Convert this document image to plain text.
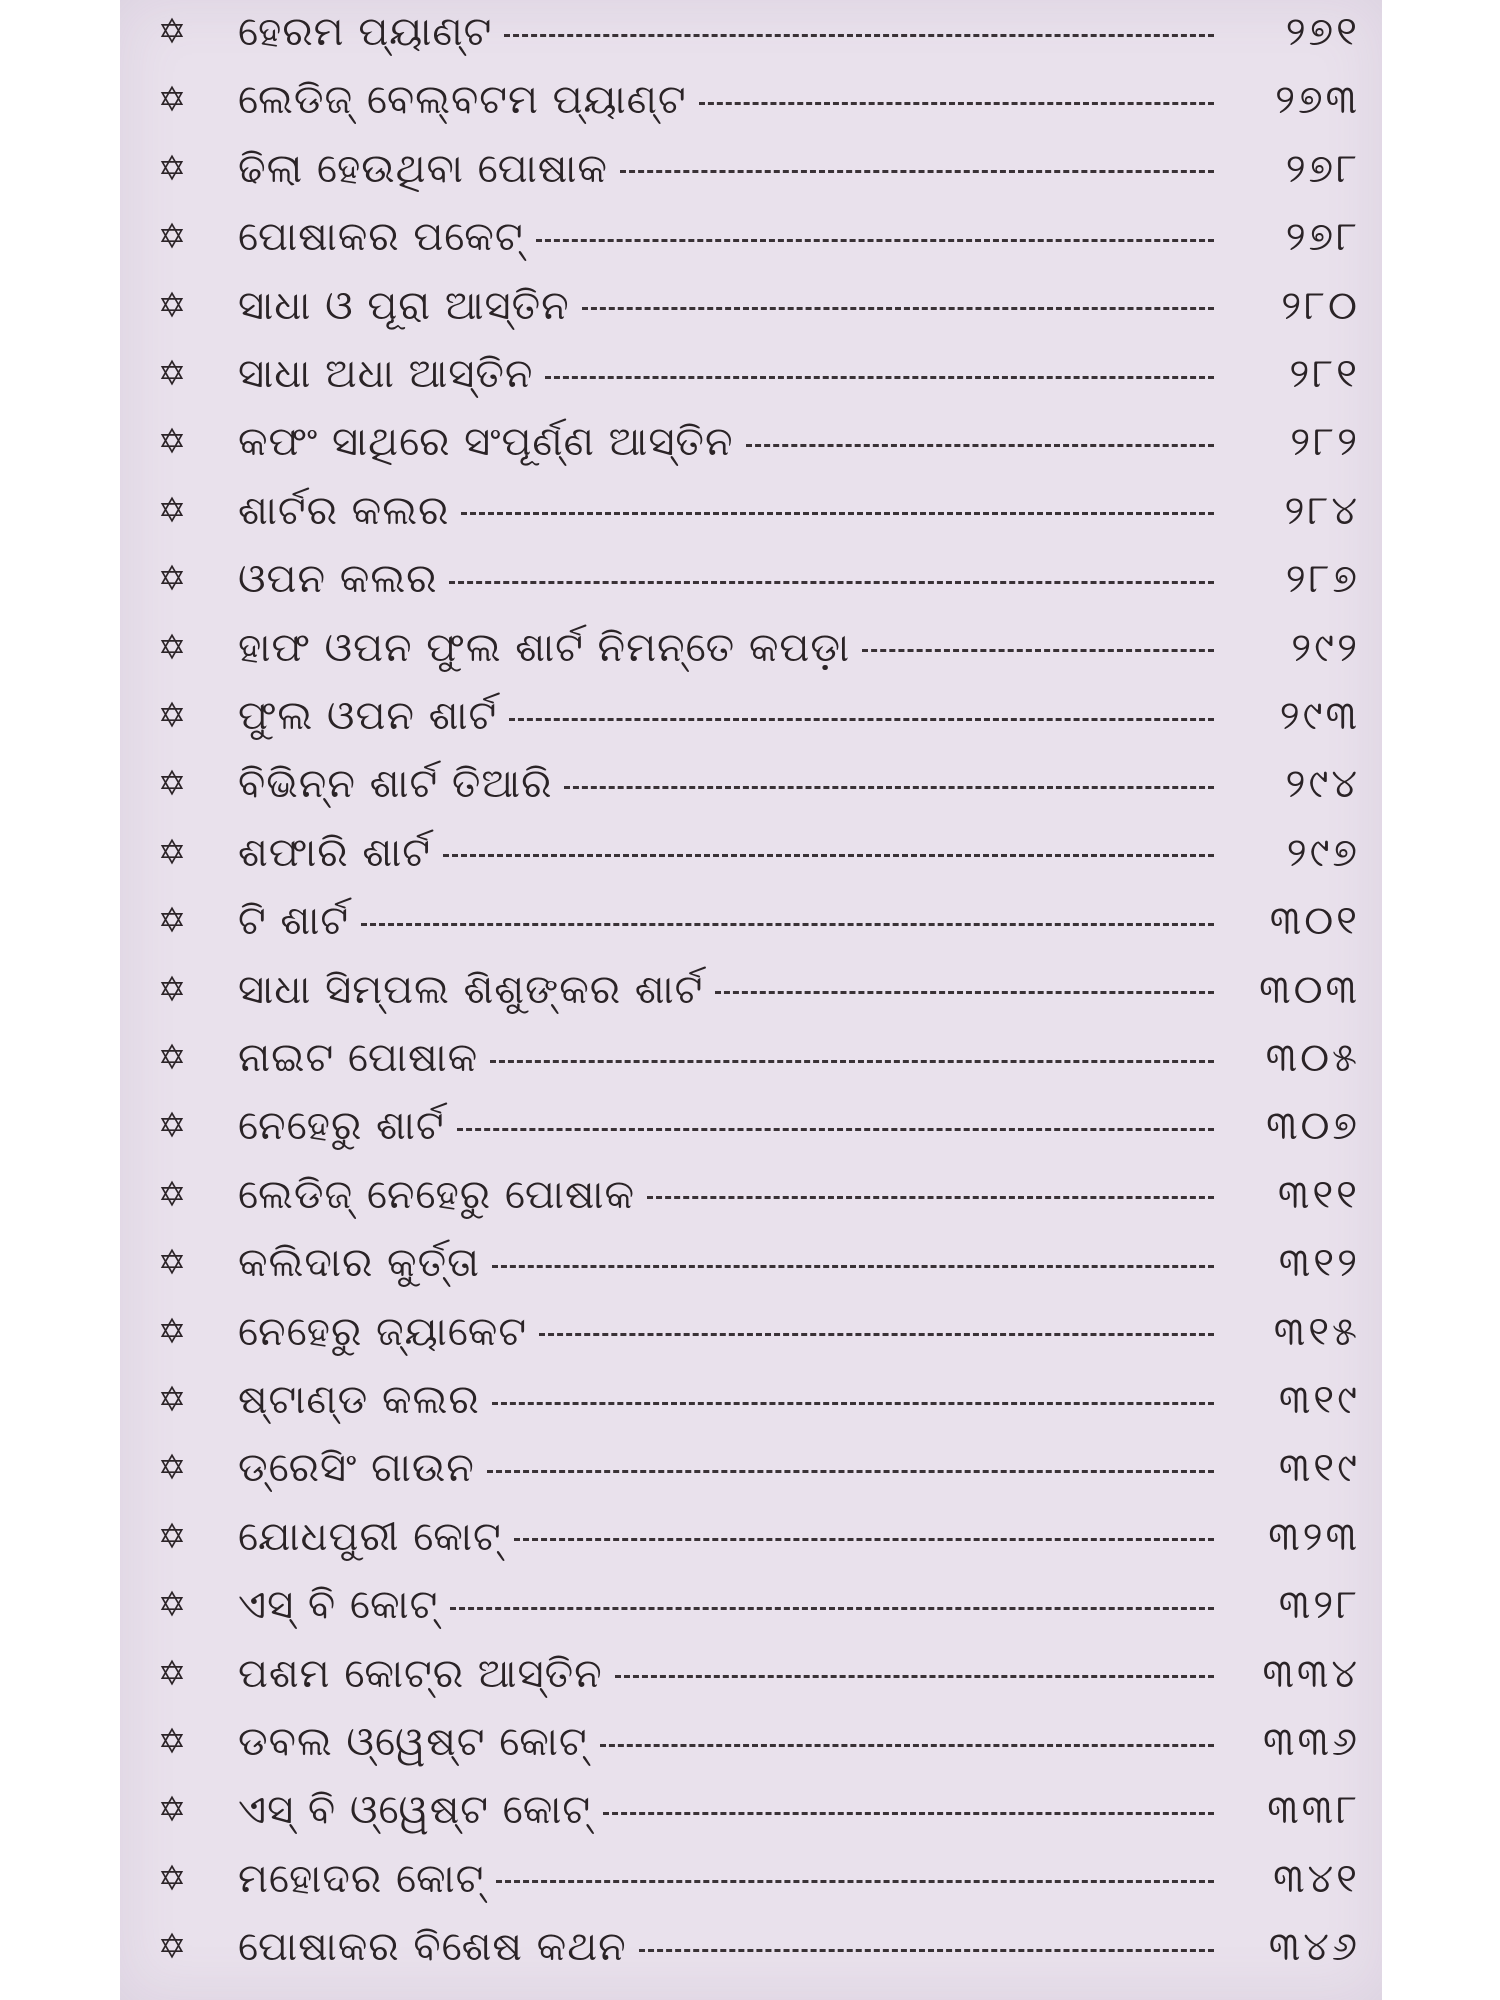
✡ ହେରମ ପ୍ୟାଣ୍ଟ	୨୭୧
✡ ଲେଡିଜ୍ ବେଲ୍‌ବଟମ ପ୍ୟାଣ୍ଟ	୨୭୩
✡ ଢିଲା ହେଉଥିବା ପୋଷାକ	୨୭୮
✡ ପୋଷାକର ପକେଟ୍	୨୭୮
✡ ସାଧା ଓ ପୂରା ଆସ୍ତିନ	୨୮୦
✡ ସାଧା ଅଧା ଆସ୍ତିନ	୨୮୧
✡ କଫଂ ସାଥିରେ ସଂପୂର୍ଣ୍ଣ ଆସ୍ତିନ	୨୮୨
✡ ଶାର୍ଟର କଲର	୨୮୪
✡ ଓପନ କଲର	୨୮୭
✡ ହାଫ ଓପନ ଫୁଲ ଶାର୍ଟ ନିମନ୍ତେ କପଡ଼ା	୨୯୨
✡ ଫୁଲ ଓପନ ଶାର୍ଟ	୨୯୩
✡ ବିଭିନ୍ନ ଶାର୍ଟ ତିଆରି	୨୯୪
✡ ଶଫାରି ଶାର୍ଟ	୨୯୭
✡ ଟି ଶାର୍ଟ	୩୦୧
✡ ସାଧା ସିମ୍ପଲ ଶିଶୁଙ୍କର ଶାର୍ଟ	୩୦୩
✡ ନାଇଟ ପୋଷାକ	୩୦୫
✡ ନେହେରୁ ଶାର୍ଟ	୩୦୭
✡ ଲେଡିଜ୍ ନେହେରୁ ପୋଷାକ	୩୧୧
✡ କଲିଦାର କୁର୍ତ୍ତା	୩୧୨
✡ ନେହେରୁ ଜ୍ୟାକେଟ	୩୧୫
✡ ଷ୍ଟାଣ୍ଡ କଲର	୩୧୯
✡ ଡ୍ରେସିଂ ଗାଉନ	୩୧୯
✡ ଯୋଧପୁରୀ କୋଟ୍	୩୨୩
✡ ଏସ୍ ବି କୋଟ୍	୩୨୮
✡ ପଶମ କୋଟ୍‌ର ଆସ୍ତିନ	୩୩୪
✡ ଡବଲ ଓ୍ୱେଷ୍ଟ କୋଟ୍	୩୩୬
✡ ଏସ୍ ବି ଓ୍ୱେଷ୍ଟ କୋଟ୍	୩୩୮
✡ ମହୋଦର କୋଟ୍	୩୪୧
✡ ପୋଷାକର ବିଶେଷ କଥନ	୩୪୬
